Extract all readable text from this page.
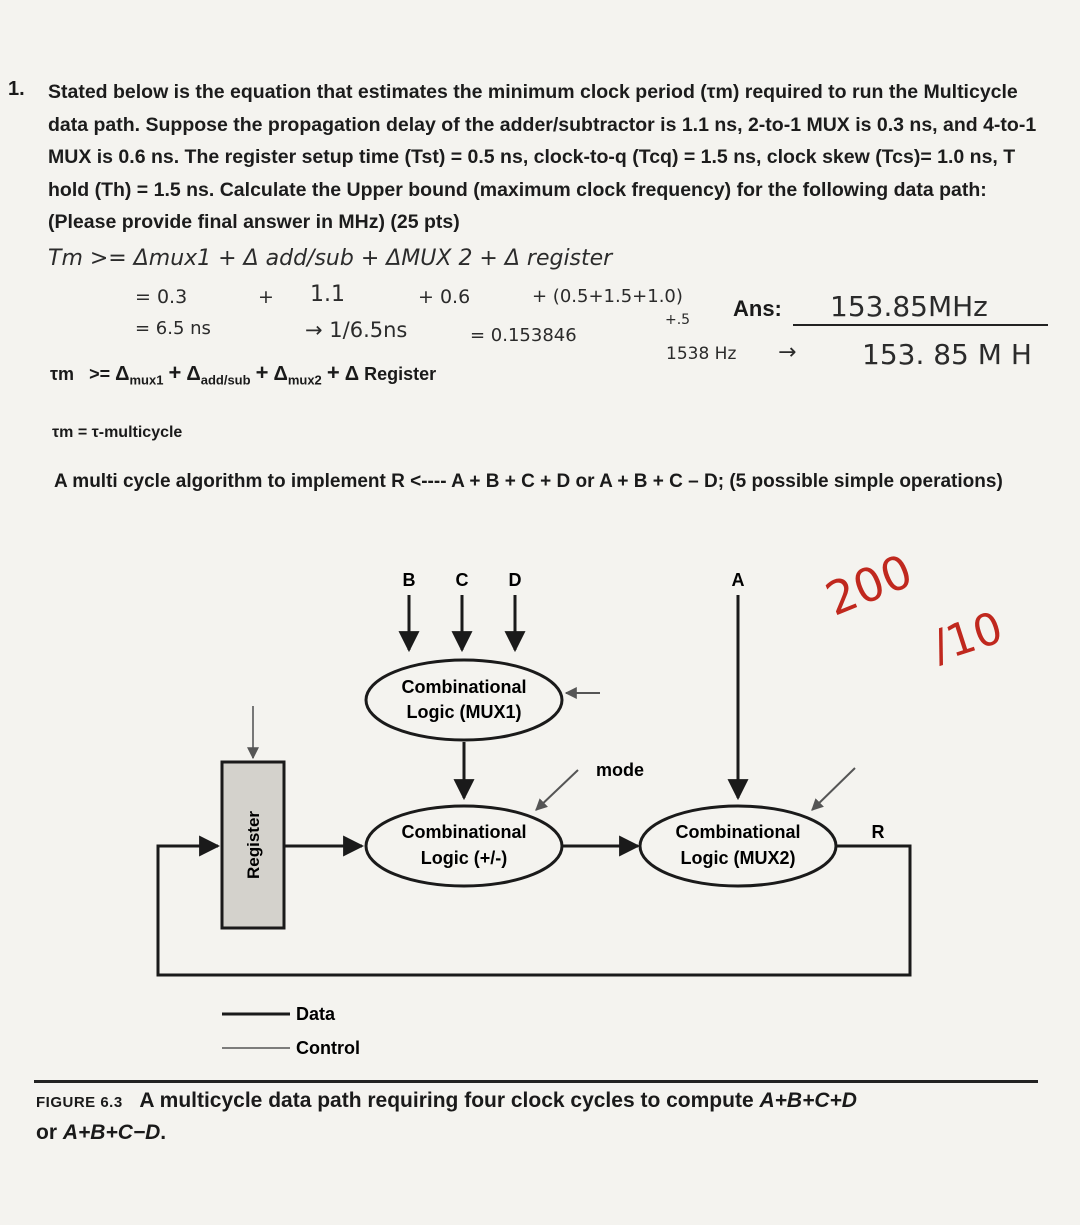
1. Stated below is the equation that estimates the minimum clock period (τm) required to run the Multicycle data path. Suppose the propagation delay of the adder/subtractor is 1.1 ns, 2-to-1 MUX is 0.3 ns, and 4-to-1 MUX is 0.6 ns. The register setup time (Tst) = 0.5 ns, clock-to-q (Tcq) = 1.5 ns, clock skew (Tcs)= 1.0 ns, T hold (Th) = 1.5 ns. Calculate the Upper bound (maximum clock frequency) for the following data path: (Please provide final answer in MHz) (25 pts)
Tm >= Δmux1 + Δ add/sub + ΔMUX 2 + Δ register
= 0.3	+ 1.1	+ 0.6	+ (0.5+1.5+1.0)
+.5
= 6.5 ns	→ 1/6.5ns	= 0.153846
1538 Hz → 153. 85 M H
Ans: 153.85MHz
$\tau m >= \Delta_{mux1} + \Delta_{add/sub} + \Delta_{mux2} + \Delta$ Register
τm = τ-multicycle
A multi cycle algorithm to implement R <---- A + B + C + D or A + B + C – D; (5 possible simple operations)
200
/10
B C D	A
Combinational
Logic (MUX1)
Combinational
Logic (+/-)
mode
Combinational
Logic (MUX2)
R
Register
Data
Control
FIGURE 6.3 A multicycle data path requiring four clock cycles to compute A+B+C+D
or A+B+C−D.
